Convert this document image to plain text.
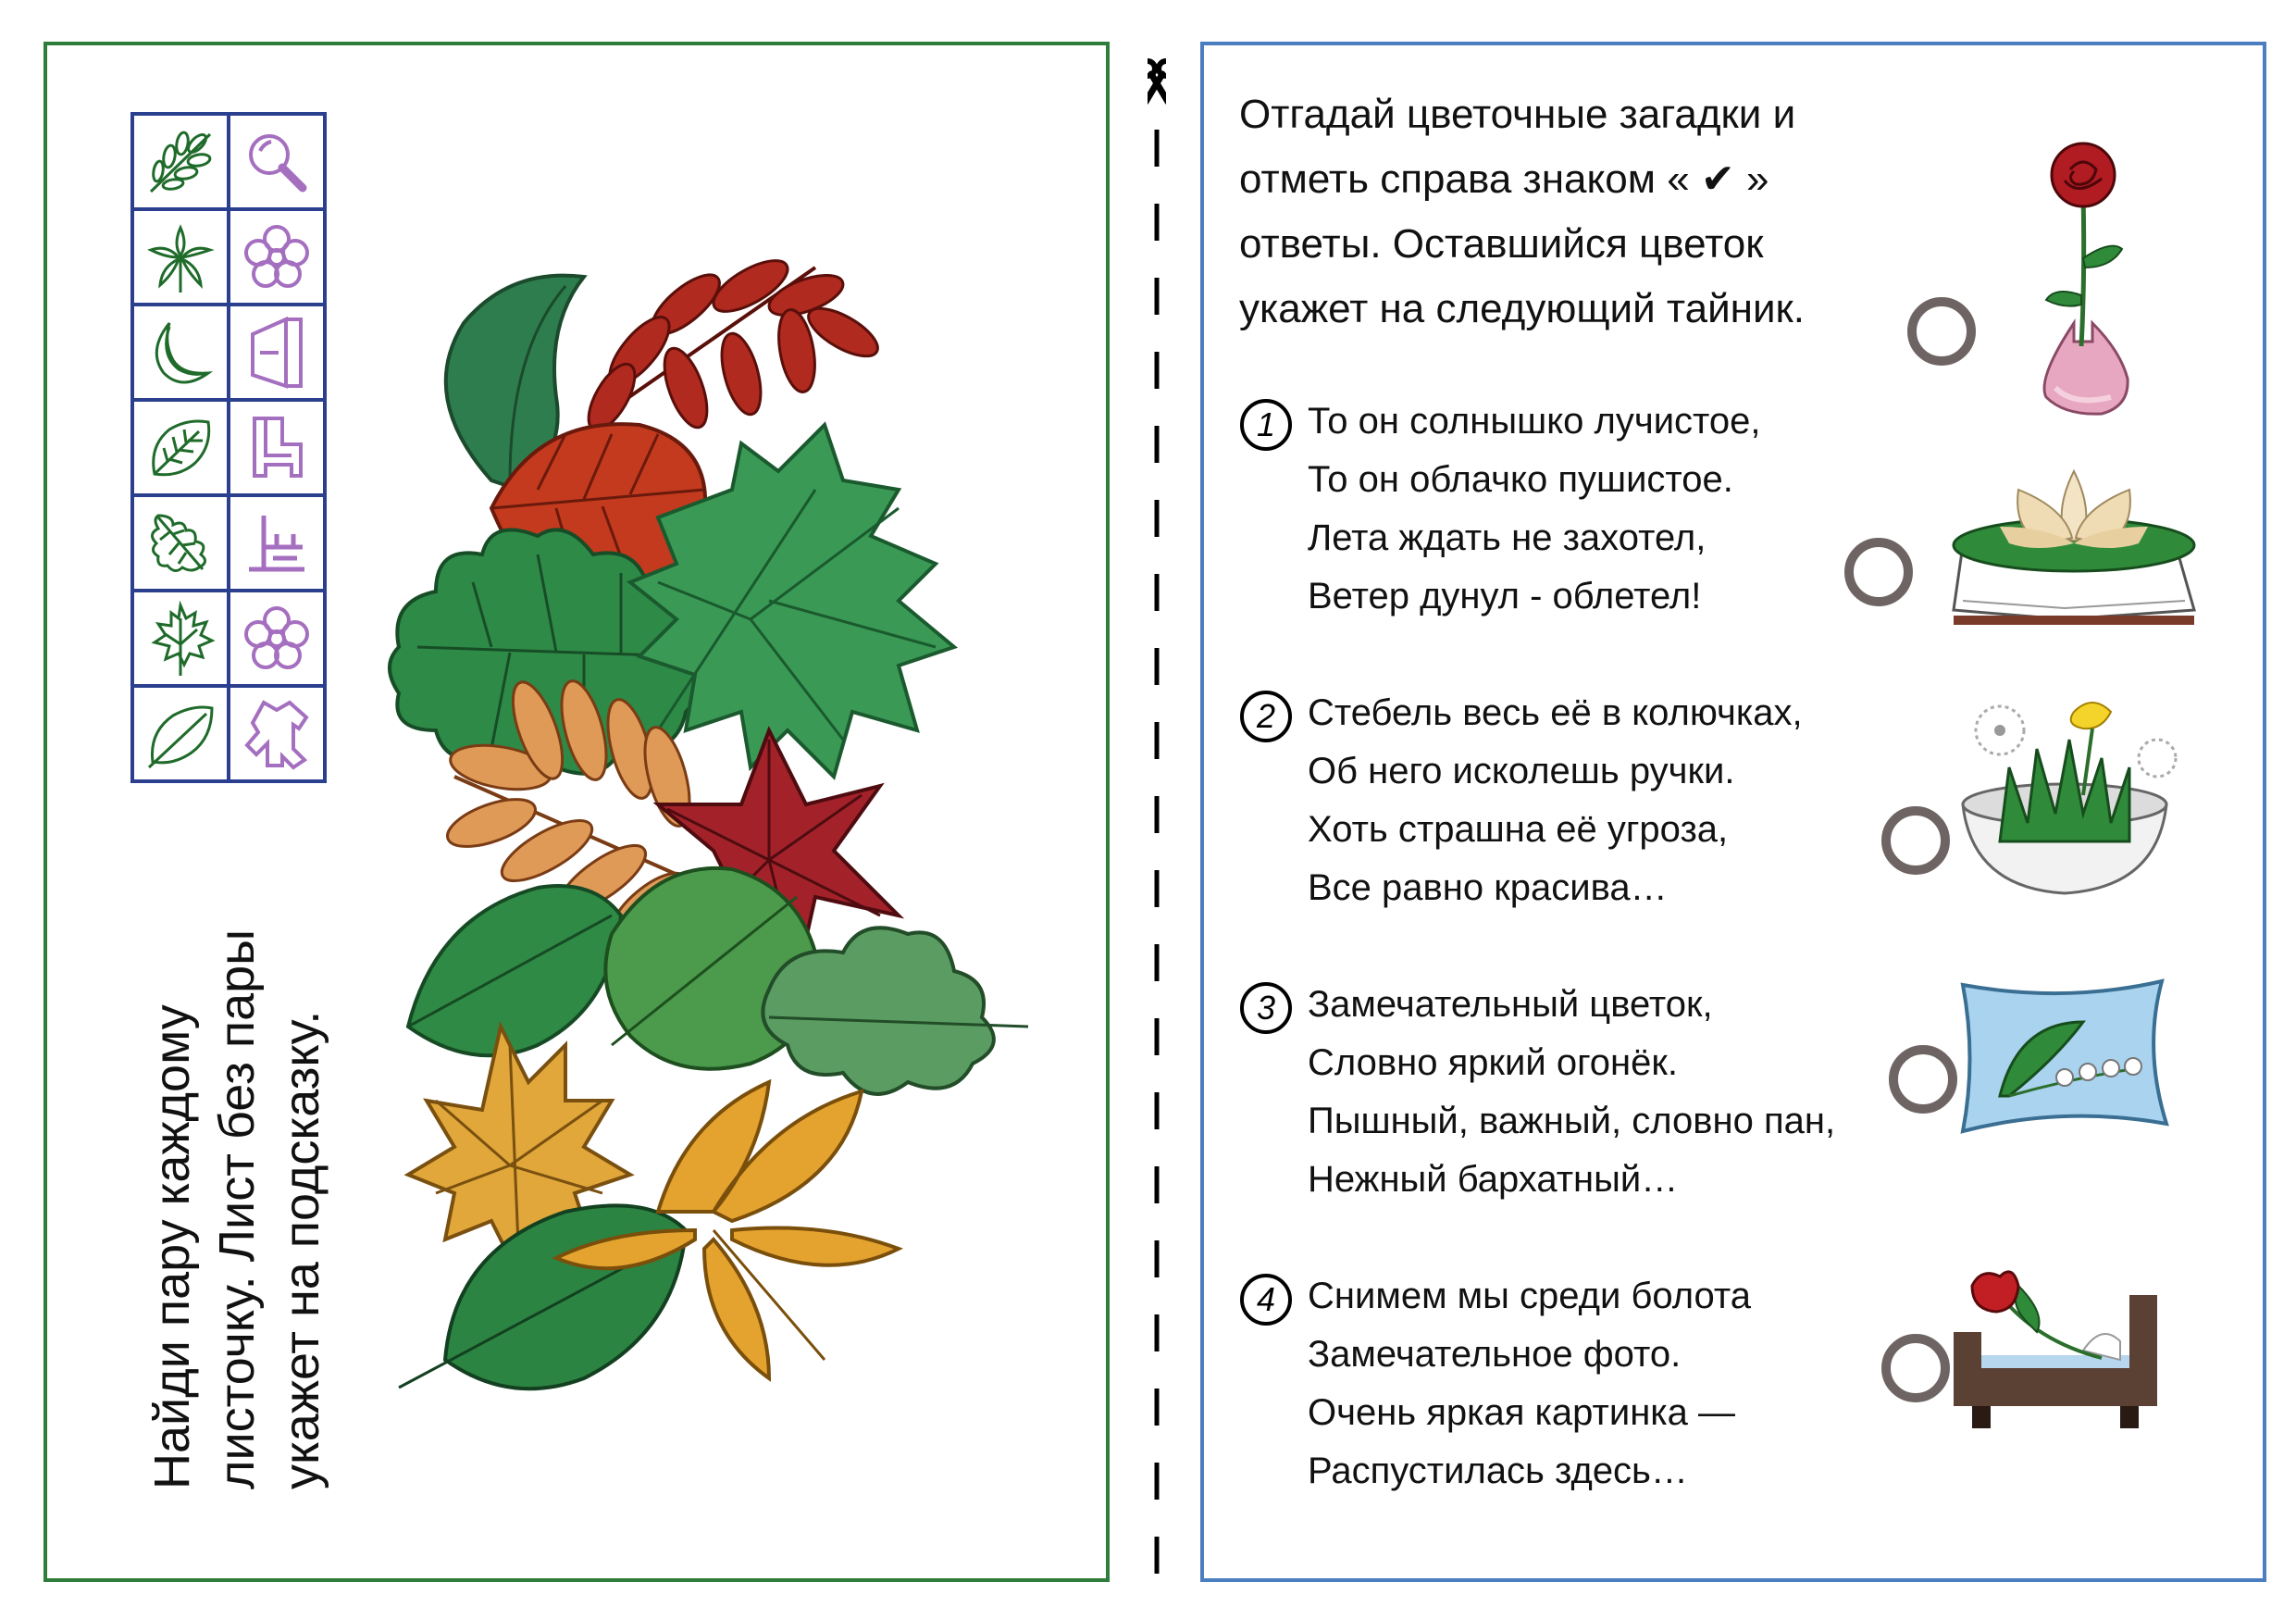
Найди пару каждому листочку. Лист без пары укажет на подсказку.
Отгадай цветочные загадки и
отметь справа знаком « ✔ »
ответы. Оставшийся цветок
укажет на следующий тайник.
1 То он солнышко лучистое,
То он облачко пушистое.
Лета ждать не захотел,
Ветер дунул - облетел!
2 Стебель весь её в колючках,
Об него исколешь ручки.
Хоть страшна её угроза,
Все равно красива…
3 Замечательный цветок,
Словно яркий огонёк.
Пышный, важный, словно пан,
Нежный бархатный…
4 Снимем мы среди болота
Замечательное фото.
Очень яркая картинка —
Распустилась здесь…
